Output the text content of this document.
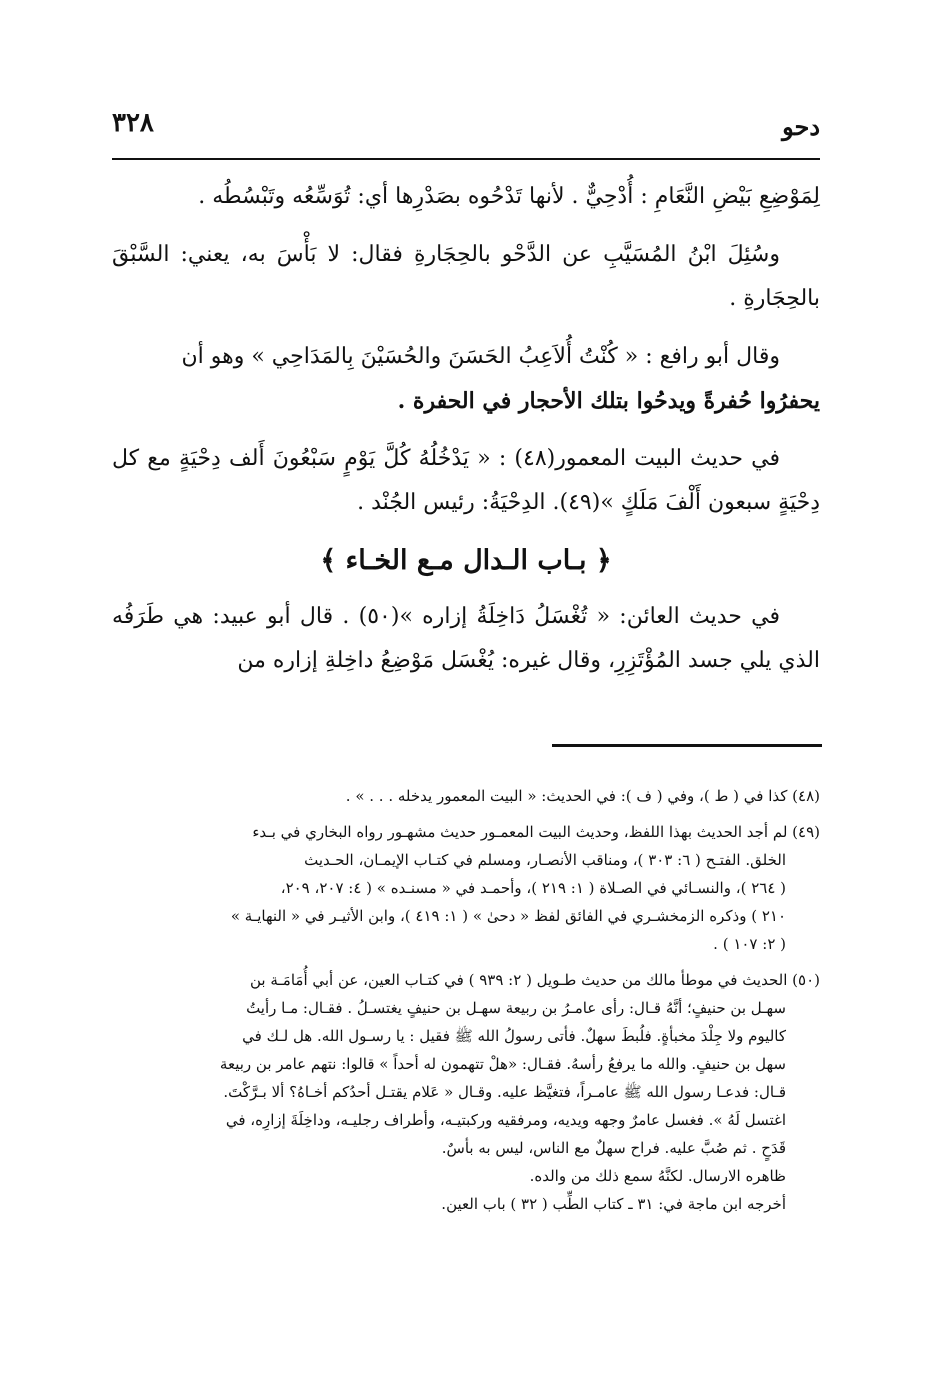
٣٢٨	دحو

لِمَوْضِعِ بَيْضِ النَّعَامِ : أُدْحِيٌّ . لأنها تَدْحُوه بصَدْرِها أي: تُوَسِّعُه وتَبْسُطُه .

وسُئِلَ ابْنُ المُسَيَّبِ عن الدَّحْو بالحِجَارةِ فقال: لا بَأْسَ به، يعني: السَّبْقَ بالحِجَارةِ .

وقال أبو رافع : « كُنْتُ أُلاَعِبُ الحَسَنَ والحُسَيْنَ بِالمَدَاحِي » وهو أن

يحفرُوا حُفرةً ويدحُوا بتلك الأحجار في الحفرة .

في حديث البيت المعمور(٤٨) : « يَدْخُلُهُ كُلَّ يَوْمٍ سَبْعُونَ أَلف دِحْيَةٍ مع كل دِحْيَةٍ سبعون أَلْفَ مَلَكٍ »(٤٩). الدِحْيَةُ: رئيس الجُنْد .

﴿ بـاب الـدال مـع الخـاء ﴾

في حديث العائن: « تُغْسَلُ دَاخِلَةُ إزاره »(٥٠) . قال أبو عبيد: هي طَرَفُه الذي يلي جسد المُؤْتَزِرِ، وقال غيره: يُغْسَل مَوْضِعُ داخِلةِ إزاره من

(٤٨) كذا في ( ط )، وفي ( ف ): في الحديث: « البيت المعمور يدخله . . . » .
(٤٩) لم أجد الحديث بهذا اللفظ، وحديث البيت المعمـور حديث مشهـور رواه البخاري في بـدء
الخلق. الفتـح ( ٦: ٣٠٣ )، ومناقب الأنصـار، ومسلم في كتـاب الإيمـان، الحـديث
( ٢٦٤ )، والنسـائي في الصـلاة ( ١: ٢١٩ )، وأحمـد في « مسنـده » ( ٤: ٢٠٧، ٢٠٩،
٢١٠ ) وذكره الزمخشـري في الفائق لفظ « دحىٰ » ( ١: ٤١٩ )، وابن الأثيـر في « النهايـة »
( ٢: ١٠٧ ) .
(٥٠) الحديث في موطأ مالك من حديث طـويل ( ٢: ٩٣٩ ) في كتـاب العين، عن أبي أُمَامَـة بن
سهـل بن حنيفٍ؛ أنَّهُ قـال: رأى عامـرُ بن ربيعة سهـل بن حنيفٍ يغتسـلُ . فقـال: مـا رأيتُ
كاليوم ولا جِلْدَ مخبأةٍ. فلُبطَ سهلٌ. فأتى رسولُ الله ﷺ فقيل : يا رسـول الله. هل لـك في
سهل بن حنيفٍ. والله ما يرفعُ رأسهُ. فقـال: «هلْ تتهمون له أحداً » قالوا: نتهم عامر بن ربيعة
قـال: فدعـا رسول الله ﷺ عامـراً، فتغيَّظ عليه. وقـال « عَلام يقتـل أحدُكم أخـاهُ؟ ألا بـرَّكْتَ.
اغتسل لَهُ ». فغسل عامرٌ وجهه ويديه، ومرفقيه وركبتيـه، وأطراف رجليـه، وداخِلَةَ إزارِه، في
قَدَحٍ . ثم صُبَّ عليه. فراح سهلٌ مع الناس، ليس به بأسٌ.
ظاهره الارسال. لكنَّهُ سمع ذلك من والده.
أخرجه ابن ماجة في: ٣١ ـ كتاب الطِّب ( ٣٢ ) باب العين.
